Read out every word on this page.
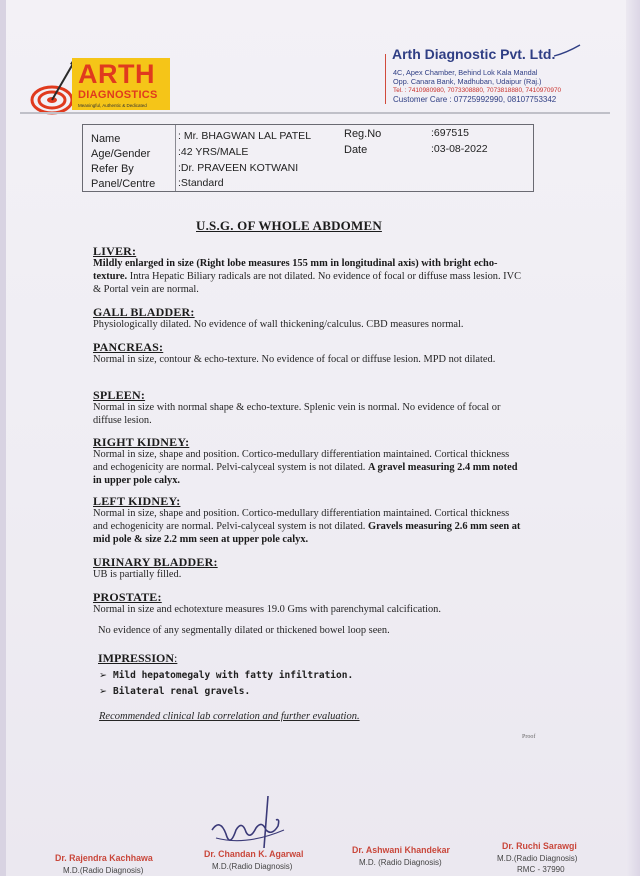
ARTH
DIAGNOSTICS
Meaningful, Authentic & Dedicated
Arth Diagnostic Pvt. Ltd.
4C, Apex Chamber, Behind Lok Kala Mandal
Opp. Canara Bank, Madhuban, Udaipur (Raj.)
Tel. : 7410980980, 7073308880, 7073818880, 7410970970
Customer Care : 07725992990, 08107753342
Name	: Mr. BHAGWAN LAL PATEL
Age/Gender	:42 YRS/MALE
Refer By	:Dr. PRAVEEN KOTWANI
Panel/Centre :Standard
Reg.No	:697515
Date	:03-08-2022
U.S.G. OF WHOLE ABDOMEN
LIVER:

Mildly enlarged in size (Right lobe measures 155 mm in longitudinal axis) with bright echo-texture. Intra Hepatic Biliary radicals are not dilated. No evidence of focal or diffuse mass lesion. IVC & Portal vein are normal.

GALL BLADDER:

Physiologically dilated. No evidence of wall thickening/calculus. CBD measures normal.

PANCREAS:

Normal in size, contour & echo-texture. No evidence of focal or diffuse lesion. MPD not dilated.

SPLEEN:

Normal in size with normal shape & echo-texture. Splenic vein is normal. No evidence of focal or diffuse lesion.

RIGHT KIDNEY:

Normal in size, shape and position. Cortico-medullary differentiation maintained. Cortical thickness and echogenicity are normal. Pelvi-calyceal system is not dilated. A gravel measuring 2.4 mm noted in upper pole calyx.

LEFT KIDNEY:

Normal in size, shape and position. Cortico-medullary differentiation maintained. Cortical thickness and echogenicity are normal. Pelvi-calyceal system is not dilated. Gravels measuring 2.6 mm seen at mid pole & size 2.2 mm seen at upper pole calyx.

URINARY BLADDER:

UB is partially filled.

PROSTATE:

Normal in size and echotexture measures 19.0 Gms with parenchymal calcification.

No evidence of any segmentally dilated or thickened bowel loop seen.
IMPRESSION:
➢ Mild hepatomegaly with fatty infiltration.
➢ Bilateral renal gravels.
Recommended clinical lab correlation and further evaluation.
Proof
Dr. Rajendra Kachhawa
M.D.(Radio Diagnosis)
Dr. Chandan K. Agarwal
M.D.(Radio Diagnosis)
Dr. Ashwani Khandekar
M.D. (Radio Diagnosis)
Dr. Ruchi Sarawgi
M.D.(Radio Diagnosis)
RMC - 37990
